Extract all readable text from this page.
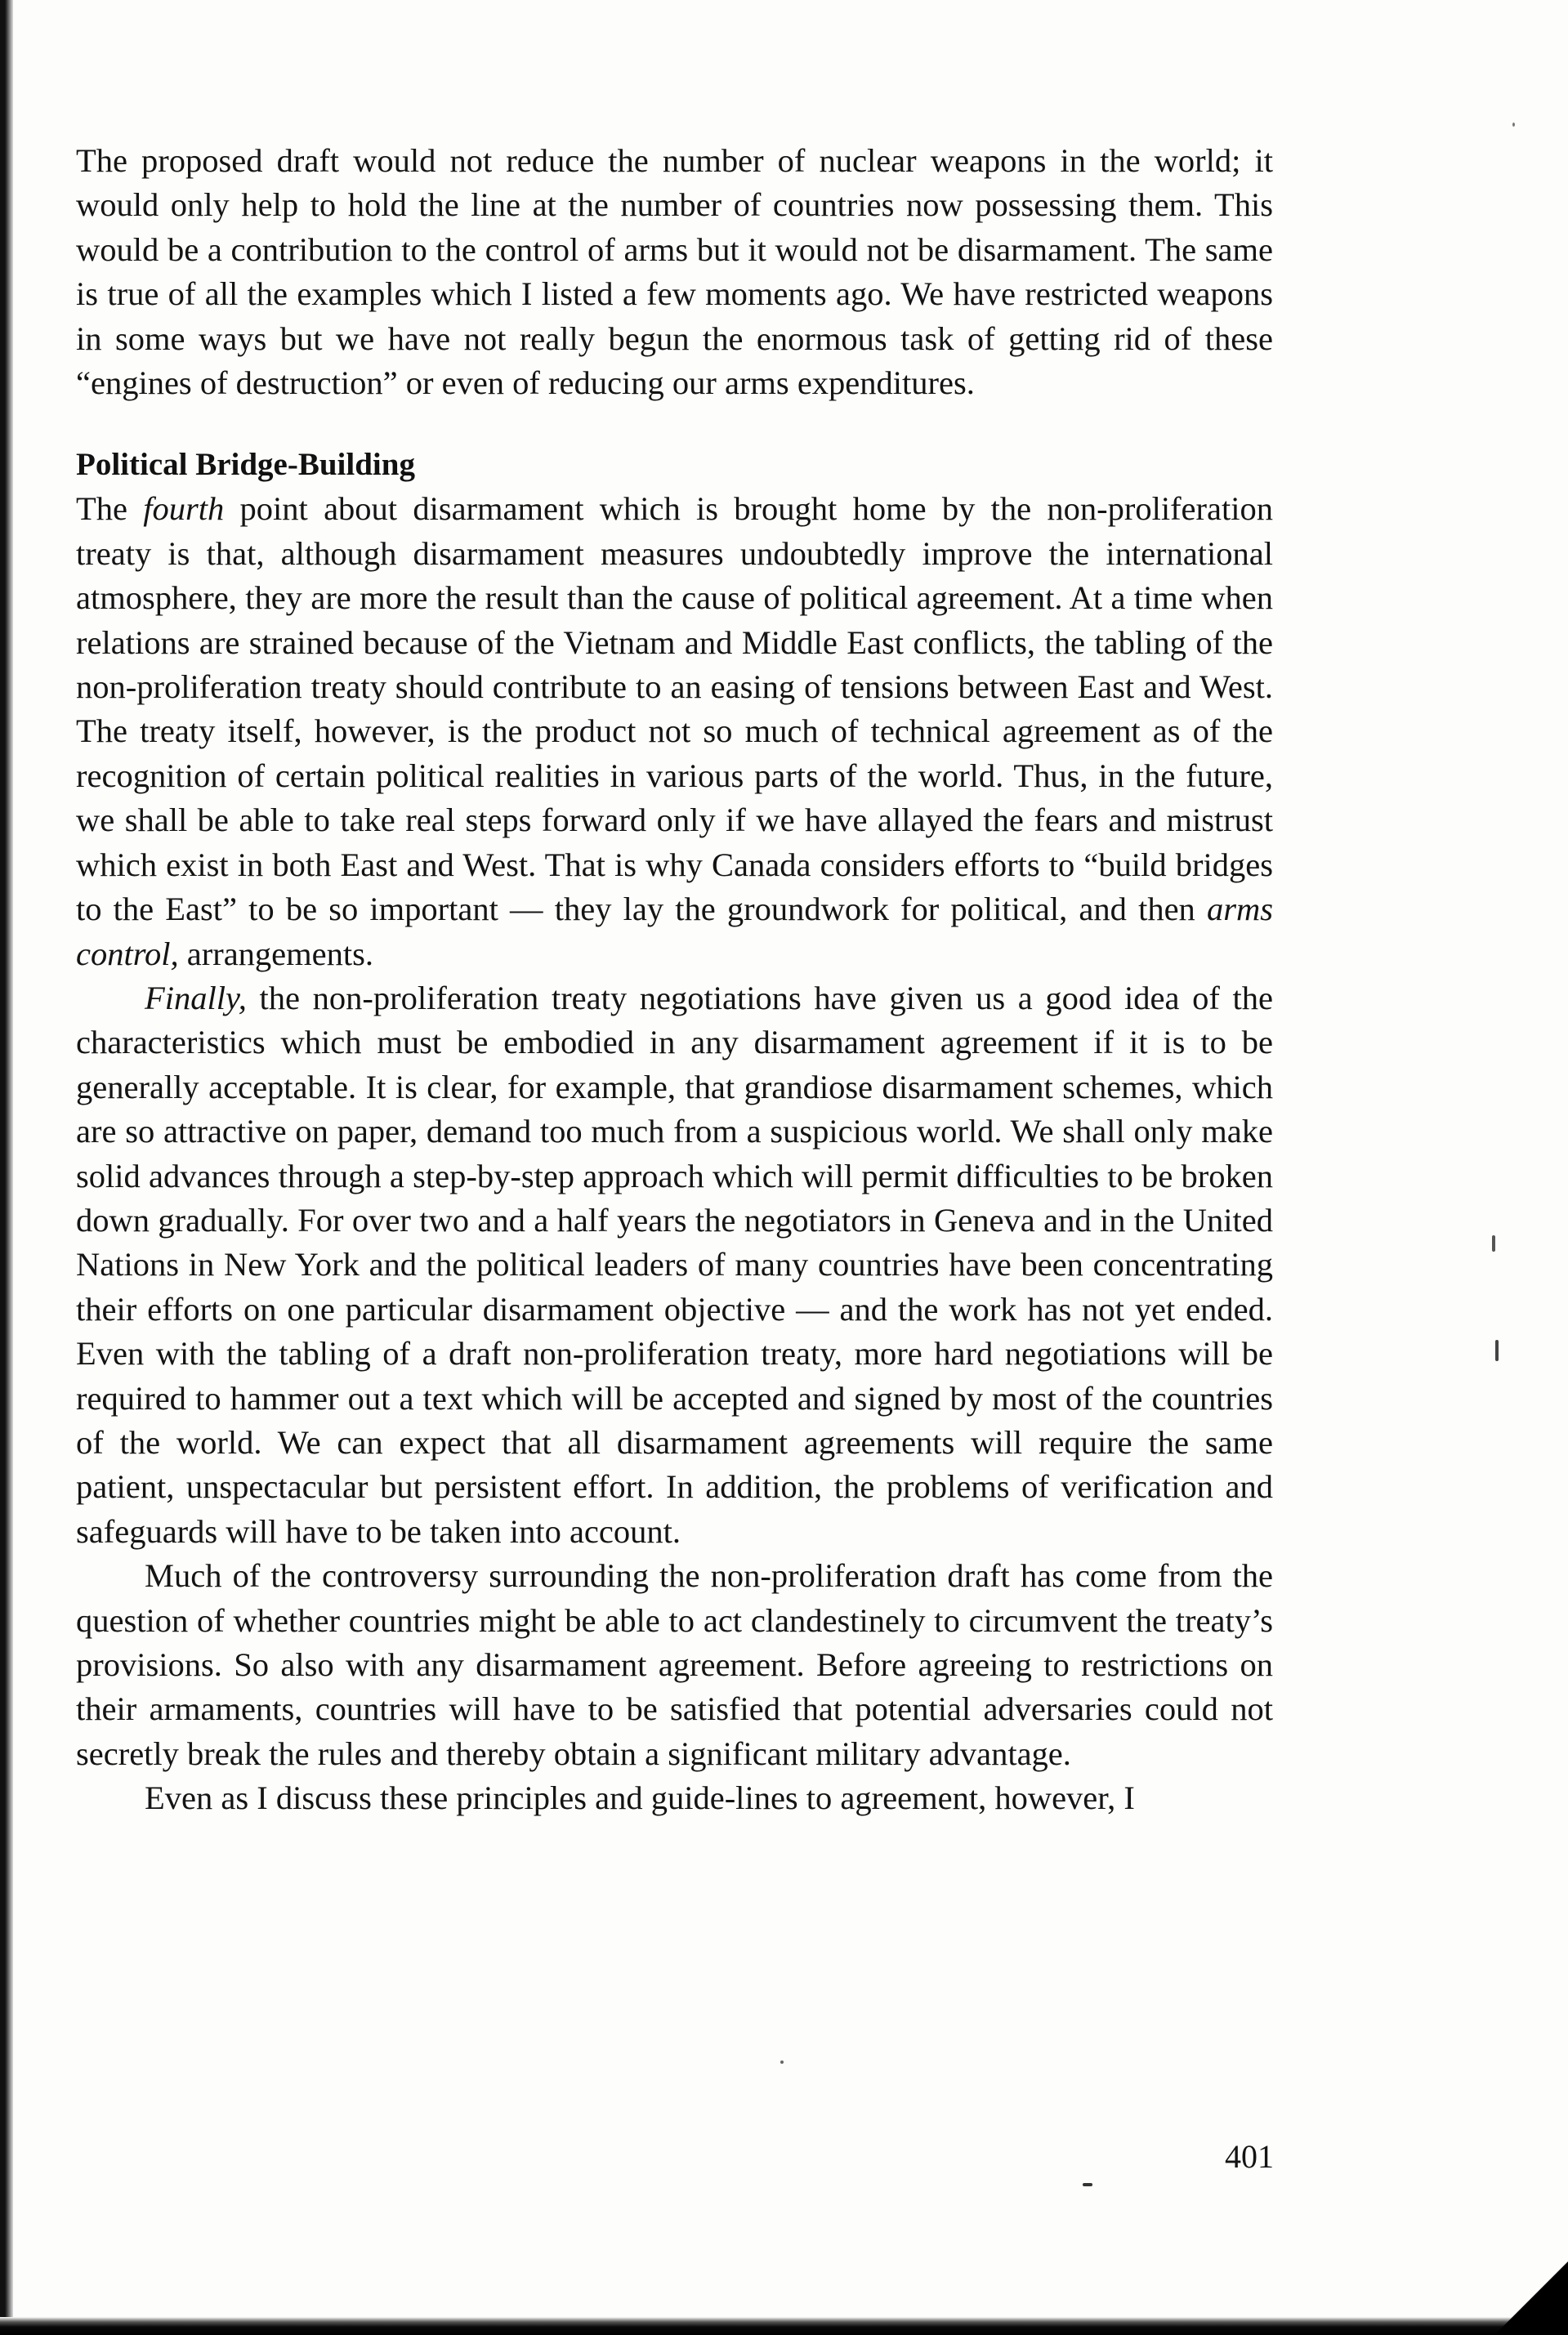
The proposed draft would not reduce the number of nuclear weapons in the world; it would only help to hold the line at the number of countries now possessing them. This would be a contribution to the control of arms but it would not be disarmament. The same is true of all the examples which I listed a few moments ago. We have restricted weapons in some ways but we have not really begun the enormous task of getting rid of these “engines of destruction” or even of reducing our arms expenditures.

Political Bridge-Building

The fourth point about disarmament which is brought home by the non-proliferation treaty is that, although disarmament measures undoubtedly improve the international atmosphere, they are more the result than the cause of political agreement. At a time when relations are strained because of the Vietnam and Middle East conflicts, the tabling of the non-proliferation treaty should contribute to an easing of tensions between East and West. The treaty itself, however, is the product not so much of technical agreement as of the recognition of certain political realities in various parts of the world. Thus, in the future, we shall be able to take real steps forward only if we have allayed the fears and mistrust which exist in both East and West. That is why Canada considers efforts to “build bridges to the East” to be so important — they lay the groundwork for political, and then arms control, arrangements.

Finally, the non-proliferation treaty negotiations have given us a good idea of the characteristics which must be embodied in any disarmament agreement if it is to be generally acceptable. It is clear, for example, that grandiose disarmament schemes, which are so attractive on paper, demand too much from a suspicious world. We shall only make solid advances through a step-by-step approach which will permit difficulties to be broken down gradually. For over two and a half years the negotiators in Geneva and in the United Nations in New York and the political leaders of many countries have been concentrating their efforts on one particular disarmament objective — and the work has not yet ended. Even with the tabling of a draft non-proliferation treaty, more hard negotiations will be required to hammer out a text which will be accepted and signed by most of the countries of the world. We can expect that all disarmament agreements will require the same patient, unspectacular but persistent effort. In addition, the problems of verification and safeguards will have to be taken into account.

Much of the controversy surrounding the non-proliferation draft has come from the question of whether countries might be able to act clandestinely to circumvent the treaty’s provisions. So also with any disarmament agreement. Before agreeing to restrictions on their armaments, countries will have to be satisfied that potential adversaries could not secretly break the rules and thereby obtain a significant military advantage.

Even as I discuss these principles and guide-lines to agreement, however, I

401
